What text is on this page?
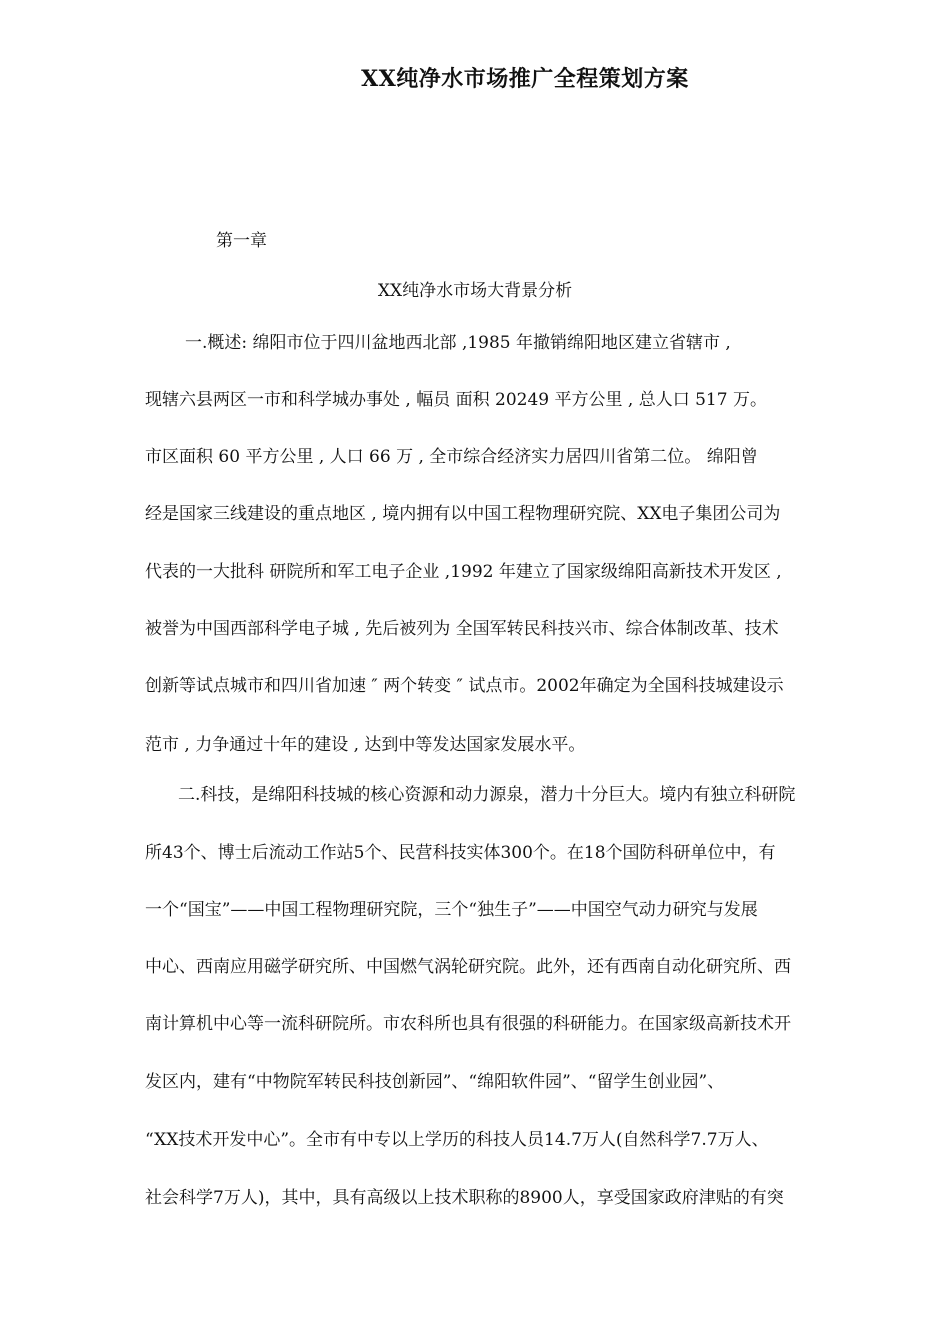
XX纯净水市场推广全程策划方案
第一章
XX纯净水市场大背景分析
一.概述: 绵阳市位于四川盆地西北部 ,1985 年撤销绵阳地区建立省辖市 ,
现辖六县两区一市和科学城办事处 , 幅员 面积 20249 平方公里 , 总人口 517 万。
市区面积 60 平方公里 , 人口 66 万 , 全市综合经济实力居四川省第二位。 绵阳曾
经是国家三线建设的重点地区 , 境内拥有以中国工程物理研究院、XX电子集团公司为
代表的一大批科 研院所和军工电子企业 ,1992 年建立了国家级绵阳高新技术开发区 ,
被誉为中国西部科学电子城 , 先后被列为 全国军转民科技兴市、综合体制改革、技术
创新等试点城市和四川省加速 ″ 两个转变 ″ 试点市。2002年确定为全国科技城建设示
范市 , 力争通过十年的建设 , 达到中等发达国家发展水平。
二.科技，是绵阳科技城的核心资源和动力源泉，潜力十分巨大。境内有独立科研院
所43个、博士后流动工作站5个、民营科技实体300个。在18个国防科研单位中，有
一个“国宝”——中国工程物理研究院，三个“独生子”——中国空气动力研究与发展
中心、西南应用磁学研究所、中国燃气涡轮研究院。此外，还有西南自动化研究所、西
南计算机中心等一流科研院所。市农科所也具有很强的科研能力。在国家级高新技术开
发区内，建有“中物院军转民科技创新园”、“绵阳软件园”、“留学生创业园”、
“XX技术开发中心”。全市有中专以上学历的科技人员14.7万人(自然科学7.7万人、
社会科学7万人)，其中，具有高级以上技术职称的8900人，享受国家政府津贴的有突
